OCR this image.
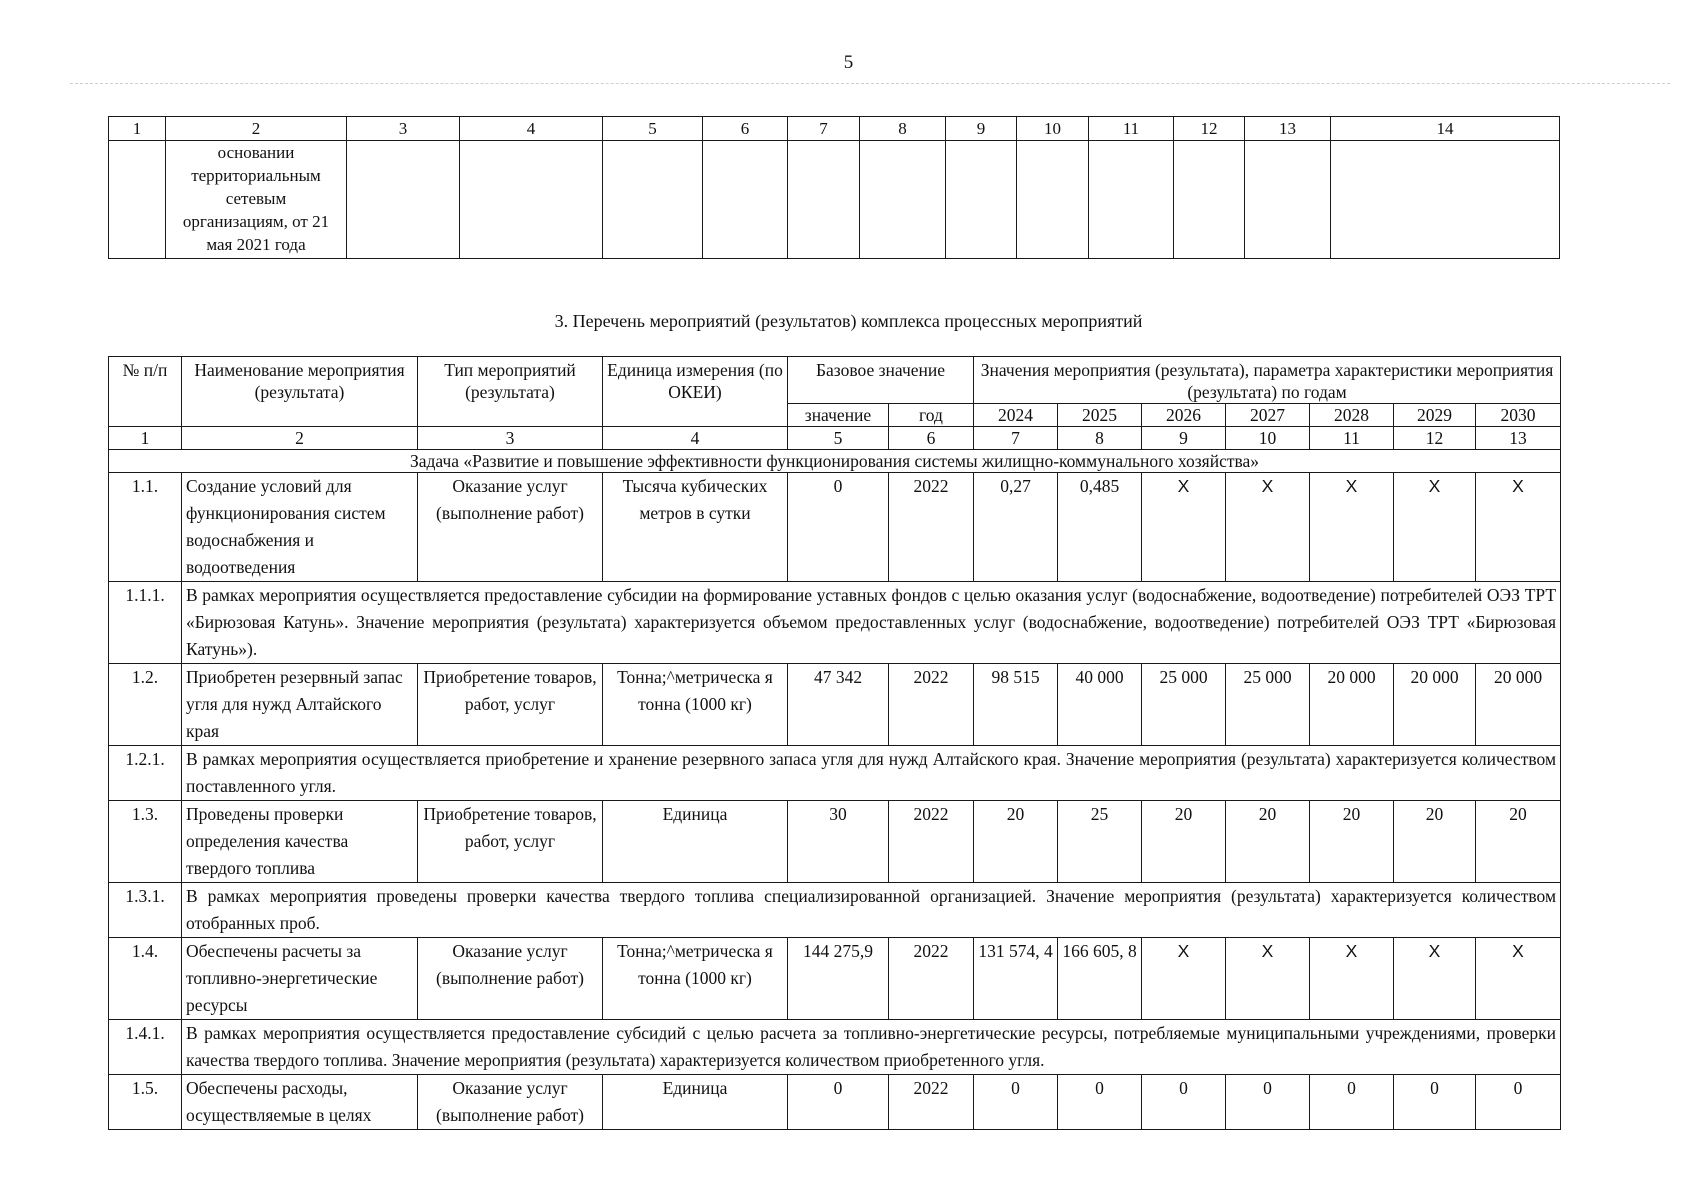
5
1	2	3	4	5	6	7	8	9	10	11	12	13	14

	основании
территориальным
сетевым
организациям, от 21
мая 2021 года												

3. Перечень мероприятий (результатов) комплекса процессных мероприятий
№ п/п	Наименование мероприятия (результата)	Тип мероприятий (результата)	Единица измерения (по ОКЕИ)	Базовое значение		Значения мероприятия (результата), параметра характеристики мероприятия (результата) по годам						
				значение	год	2024	2025	2026	2027	2028	2029	2030
1	2	3	4	5	6	7	8	9	10	11	12	13
Задача «Развитие и повышение эффективности функционирования системы жилищно-коммунального хозяйства»												
1.1.	Создание условий для функционирования систем водоснабжения и водоотведения	Оказание услуг (выполнение работ)	Тысяча кубических метров в сутки	0	2022	0,27	0,485	X	X	X	X	X
1.1.1.	В рамках мероприятия осуществляется предоставление субсидии на формирование уставных фондов с целью оказания услуг (водоснабжение, водоотведение) потребителей ОЭЗ ТРТ «Бирюзовая Катунь». Значение мероприятия (результата) характеризуется объемом предоставленных услуг (водоснабжение, водоотведение) потребителей ОЭЗ ТРТ «Бирюзовая Катунь»).											
1.2.	Приобретен резервный запас угля для нужд Алтайского края	Приобретение товаров, работ, услуг	Тонна;^метрическа я тонна (1000 кг)	47 342	2022	98 515	40 000	25 000	25 000	20 000	20 000	20 000
1.2.1.	В рамках мероприятия осуществляется приобретение и хранение резервного запаса угля для нужд Алтайского края. Значение мероприятия (результата) характеризуется количеством поставленного угля.											
1.3.	Проведены проверки определения качества твердого топлива	Приобретение товаров, работ, услуг	Единица	30	2022	20	25	20	20	20	20	20
1.3.1.	В рамках мероприятия проведены проверки качества твердого топлива специализированной организацией. Значение мероприятия (результата) характеризуется количеством отобранных проб.											
1.4.	Обеспечены расчеты за топливно-энергетические ресурсы	Оказание услуг (выполнение работ)	Тонна;^метрическа я тонна (1000 кг)	144 275,9	2022	131 574, 4	166 605, 8	X	X	X	X	X
1.4.1.	В рамках мероприятия осуществляется предоставление субсидий с целью расчета за топливно-энергетические ресурсы, потребляемые муниципальными учреждениями, проверки качества твердого топлива. Значение мероприятия (результата) характеризуется количеством приобретенного угля.											
1.5.	Обеспечены расходы, осуществляемые в целях	Оказание услуг (выполнение работ)	Единица	0	2022	0	0	0	0	0	0	0
